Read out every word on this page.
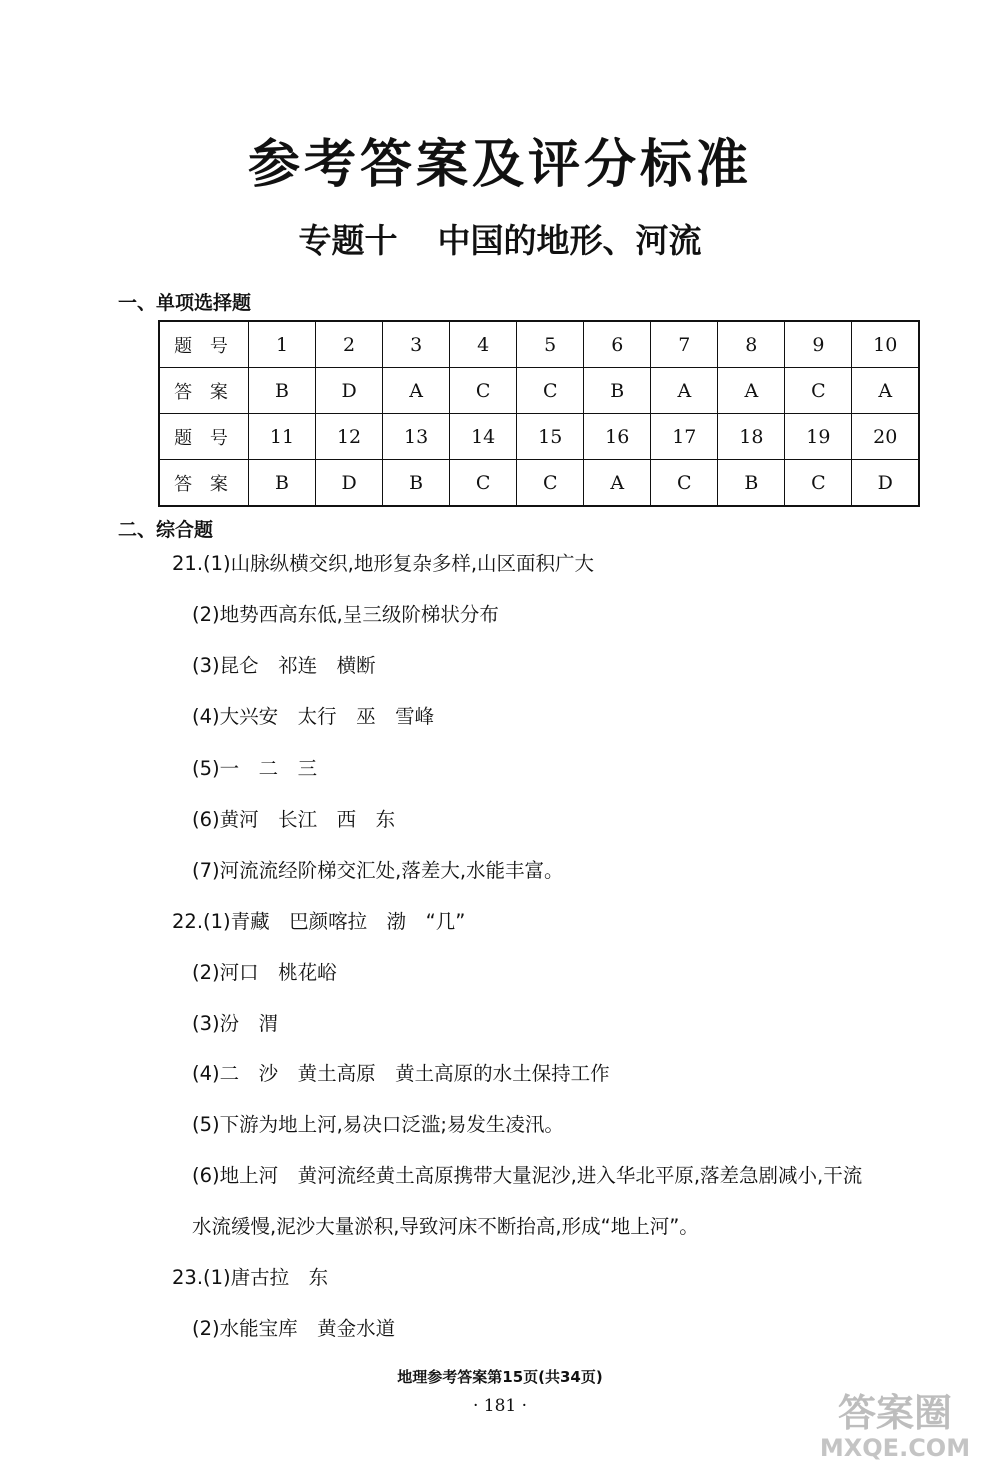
参考答案及评分标准
专题十 中国的地形、河流
一、单项选择题
题 号	1	2	3	4	5	6	7	8	9	10
答 案	B	D	A	C	C	B	A	A	C	A
题 号	11	12	13	14	15	16	17	18	19	20
答 案	B	D	B	C	C	A	C	B	C	D
二、综合题
21.(1)山脉纵横交织,地形复杂多样,山区面积广大
(2)地势西高东低,呈三级阶梯状分布
(3)昆仑　祁连　横断
(4)大兴安　太行　巫　雪峰
(5)一　二　三
(6)黄河　长江　西　东
(7)河流流经阶梯交汇处,落差大,水能丰富。
22.(1)青藏　巴颜喀拉　渤　“几”
(2)河口　桃花峪
(3)汾　渭
(4)二　沙　黄土高原　黄土高原的水土保持工作
(5)下游为地上河,易决口泛滥;易发生凌汛。
(6)地上河　黄河流经黄土高原携带大量泥沙,进入华北平原,落差急剧减小,干流
水流缓慢,泥沙大量淤积,导致河床不断抬高,形成“地上河”。
23.(1)唐古拉　东
(2)水能宝库　黄金水道
地理参考答案第15页(共34页)
· 181 ·	答案圈
MXQE.COM
